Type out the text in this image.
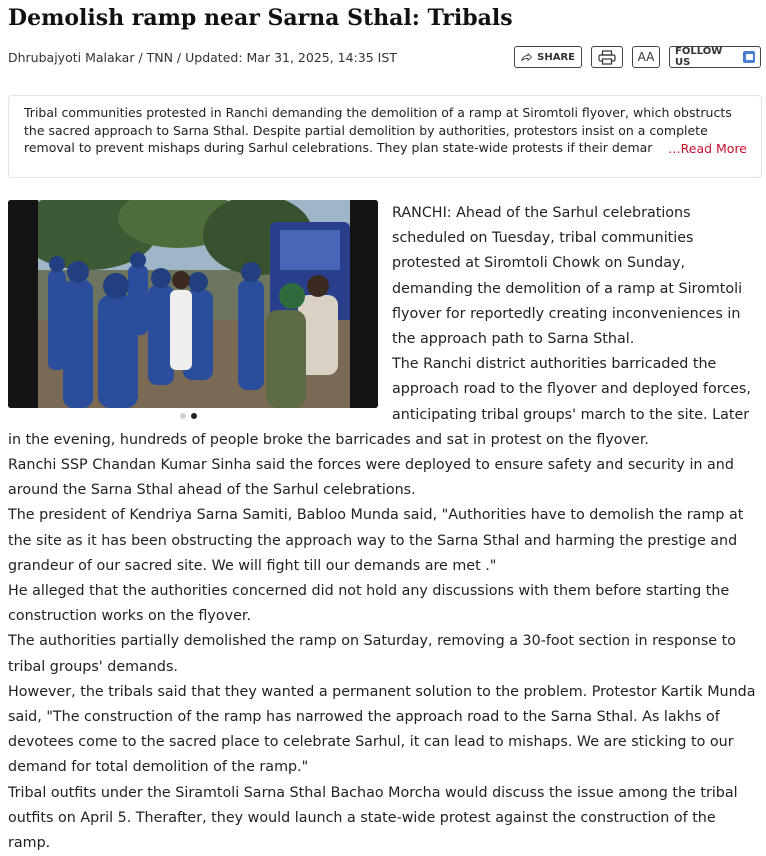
Demolish ramp near Sarna Sthal: Tribals
Dhrubajyoti Malakar / TNN / Updated: Mar 31, 2025, 14:35 IST	SHARE	AA	FOLLOW US
Tribal communities protested in Ranchi demanding the demolition of a ramp at Siromtoli flyover, which obstructs the sacred approach to Sarna Sthal. Despite partial demolition by authorities, protestors insist on a complete removal to prevent mishaps during Sarhul celebrations. They plan state-wide protests if their demar …Read More

RANCHI: Ahead of the Sarhul celebrations scheduled on Tuesday, tribal communities protested at Siromtoli Chowk on Sunday, demanding the demolition of a ramp at Siromtoli flyover for reportedly creating inconveniences in the approach path to Sarna Sthal.

The Ranchi district authorities barricaded the approach road to the flyover and deployed forces, anticipating tribal groups' march to the site. Later in the evening, hundreds of people broke the barricades and sat in protest on the flyover.

Ranchi SSP Chandan Kumar Sinha said the forces were deployed to ensure safety and security in and around the Sarna Sthal ahead of the Sarhul celebrations.

The president of Kendriya Sarna Samiti, Babloo Munda said, "Authorities have to demolish the ramp at the site as it has been obstructing the approach way to the Sarna Sthal and harming the prestige and grandeur of our sacred site. We will fight till our demands are met ."

He alleged that the authorities concerned did not hold any discussions with them before starting the construction works on the flyover.

The authorities partially demolished the ramp on Saturday, removing a 30-foot section in response to tribal groups' demands.

However, the tribals said that they wanted a permanent solution to the problem. Protestor Kartik Munda said, "The construction of the ramp has narrowed the approach road to the Sarna Sthal. As lakhs of devotees come to the sacred place to celebrate Sarhul, it can lead to mishaps. We are sticking to our demand for total demolition of the ramp."

Tribal outfits under the Siramtoli Sarna Sthal Bachao Morcha would discuss the issue among the tribal outfits on April 5. Therafter, they would launch a state-wide protest against the construction of the ramp.
